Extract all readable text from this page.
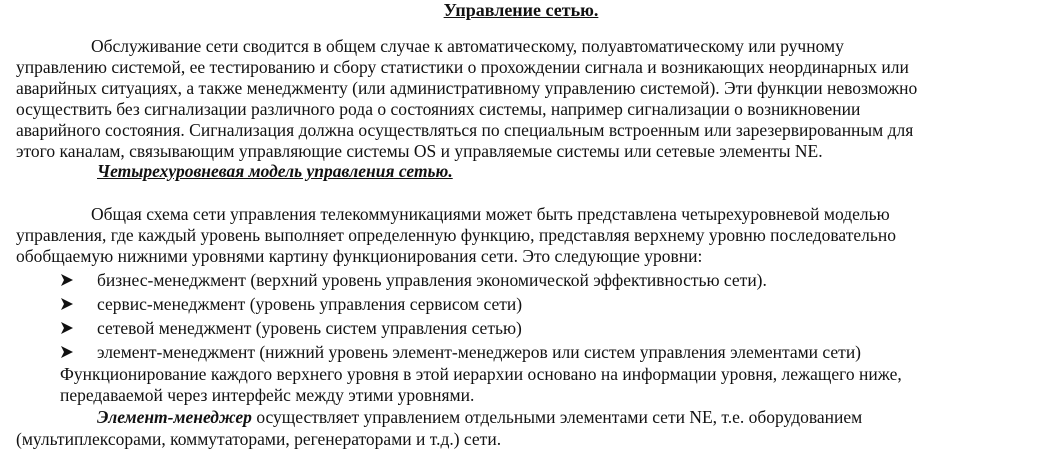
Управление сетью.
Обслуживание сети сводится в общем случае к автоматическому, полуавтоматическому или ручному
управлению системой, ее тестированию и сбору статистики о прохождении сигнала и возникающих неординарных или
аварийных ситуациях, а также менеджменту (или административному управлению системой). Эти функции невозможно
осуществить без сигнализации различного рода о состояниях системы, например сигнализации о возникновении
аварийного состояния. Сигнализация должна осуществляться по специальным встроенным или зарезервированным для
этого каналам, связывающим управляющие системы OS и управляемые системы или сетевые элементы NE.
Четырехуровневая модель управления сетью.
Общая схема сети управления телекоммуникациями может быть представлена четырехуровневой моделью
управления, где каждый уровень выполняет определенную функцию, представляя верхнему уровню последовательно
обобщаемую нижними уровнями картину функционирования сети. Это следующие уровни:
бизнес-менеджмент (верхний уровень управления экономической эффективностью сети).
сервис-менеджмент (уровень управления сервисом сети)
сетевой менеджмент (уровень систем управления сетью)
элемент-менеджмент (нижний уровень элемент-менеджеров или систем управления элементами сети)
Функционирование каждого верхнего уровня в этой иерархии основано на информации уровня, лежащего ниже,
передаваемой через интерфейс между этими уровнями.
Элемент-менеджер осуществляет управлением отдельными элементами сети NE, т.е. оборудованием
(мультиплексорами, коммутаторами, регенераторами и т.д.) сети.
